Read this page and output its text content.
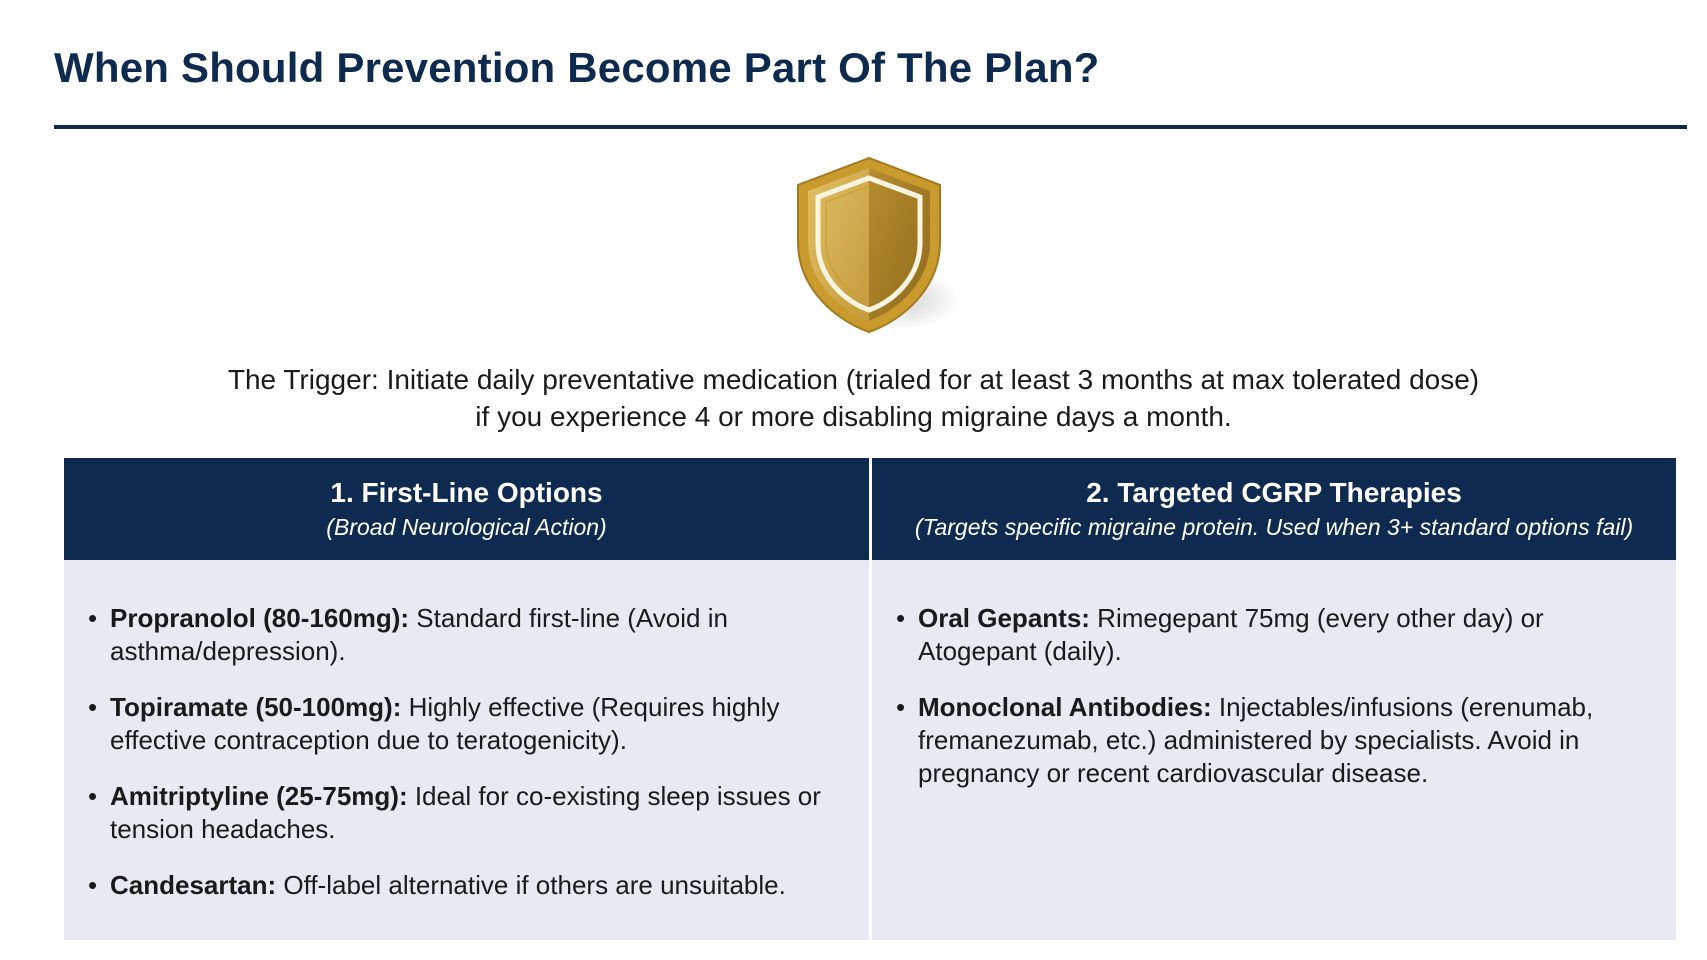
When Should Prevention Become Part Of The Plan?
The Trigger: Initiate daily preventative medication (trialed for at least 3 months at max tolerated dose)
if you experience 4 or more disabling migraine days a month.
1. First-Line Options
(Broad Neurological Action)
• Propranolol (80-160mg): Standard first-line (Avoid in asthma/depression).
• Topiramate (50-100mg): Highly effective (Requires highly effective contraception due to teratogenicity).
• Amitriptyline (25-75mg): Ideal for co-existing sleep issues or tension headaches.
• Candesartan: Off-label alternative if others are unsuitable.
2. Targeted CGRP Therapies
(Targets specific migraine protein. Used when 3+ standard options fail)
• Oral Gepants: Rimegepant 75mg (every other day) or Atogepant (daily).
• Monoclonal Antibodies: Injectables/infusions (erenumab, fremanezumab, etc.) administered by specialists. Avoid in pregnancy or recent cardiovascular disease.
